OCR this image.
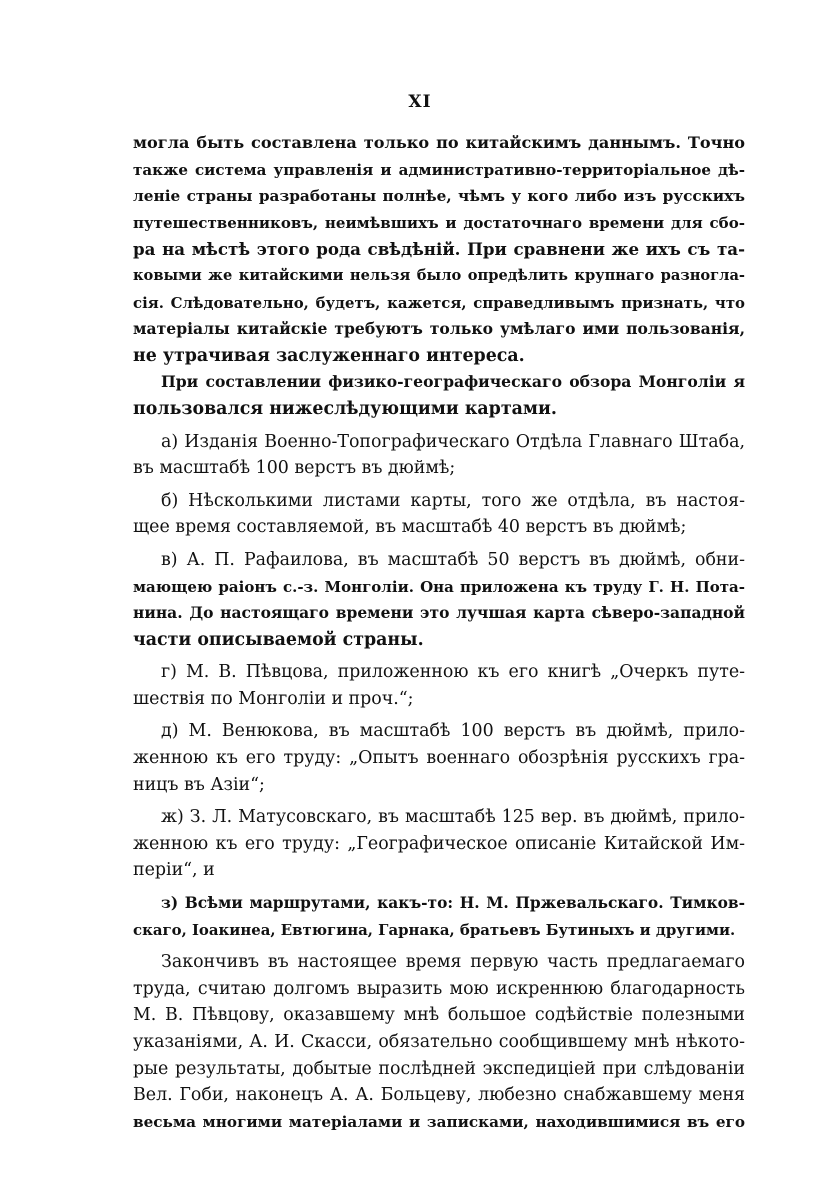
XI
могла быть составлена только по китайскимъ даннымъ. Точно
также система управленія и административно-территоріальное дѣ-
леніе страны разработаны полнѣе, чѣмъ у кого либо изъ русскихъ
путешественниковъ, неимѣвшихъ и достаточнаго времени для сбо-
ра на мѣстѣ этого рода свѣдѣній. При сравнени же ихъ съ та-
ковыми же китайскими нельзя было опредѣлить крупнаго разногла-
сія. Слѣдовательно, будетъ, кажется, справедливымъ признать, что
матеріалы китайскіе требуютъ только умѣлаго ими пользованія,
не утрачивая заслуженнаго интереса.
При составлении физико-географическаго обзора Монголіи я
пользовался нижеслѣдующими картами.
а) Изданія Военно-Топографическаго Отдѣла Главнаго Штаба,
въ масштабѣ 100 верстъ въ дюймѣ;
б) Нѣсколькими листами карты, того же отдѣла, въ настоя-
щее время составляемой, въ масштабѣ 40 верстъ въ дюймѣ;
в) А. П. Рафаилова, въ масштабѣ 50 верстъ въ дюймѣ, обни-
мающею раіонъ с.-з. Монголіи. Она приложена къ труду Г. Н. Пота-
нина. До настоящаго времени это лучшая карта сѣверо-западной
части описываемой страны.
г) М. В. Пѣвцова, приложенною къ его книгѣ „Очеркъ путе-
шествія по Монголіи и проч.“;
д) М. Венюкова, въ масштабѣ 100 верстъ въ дюймѣ, прило-
женною къ его труду: „Опытъ военнаго обозрѣнія русскихъ гра-
ницъ въ Азіи“;
ж) З. Л. Матусовскаго, въ масштабѣ 125 вер. въ дюймѣ, прило-
женною къ его труду: „Географическое описаніе Китайской Им-
періи“, и
з) Всѣми маршрутами, какъ-то: Н. М. Пржевальскаго. Тимков-
скаго, Іоакинеа, Евтюгина, Гарнака, братьевъ Бутиныхъ и другими.
Закончивъ въ настоящее время первую часть предлагаемаго
труда, считаю долгомъ выразить мою искреннюю благодарность
М. В. Пѣвцову, оказавшему мнѣ большое содѣйствіе полезными
указаніями, А. И. Скасси, обязательно сообщившему мнѣ нѣкото-
рые результаты, добытые послѣдней экспедиціей при слѣдованіи
Вел. Гоби, наконецъ А. А. Больцеву, любезно снабжавшему меня
весьма многими матеріалами и записками, находившимися въ его
